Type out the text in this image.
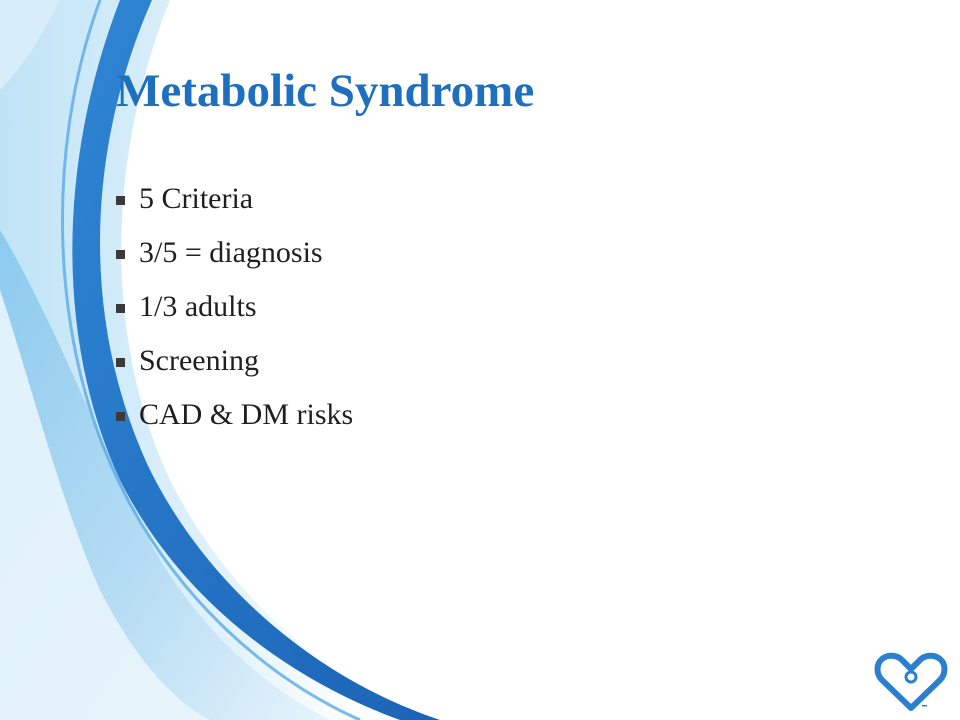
Metabolic Syndrome
5 Criteria
3/5 = diagnosis
1/3 adults
Screening
CAD & DM risks
